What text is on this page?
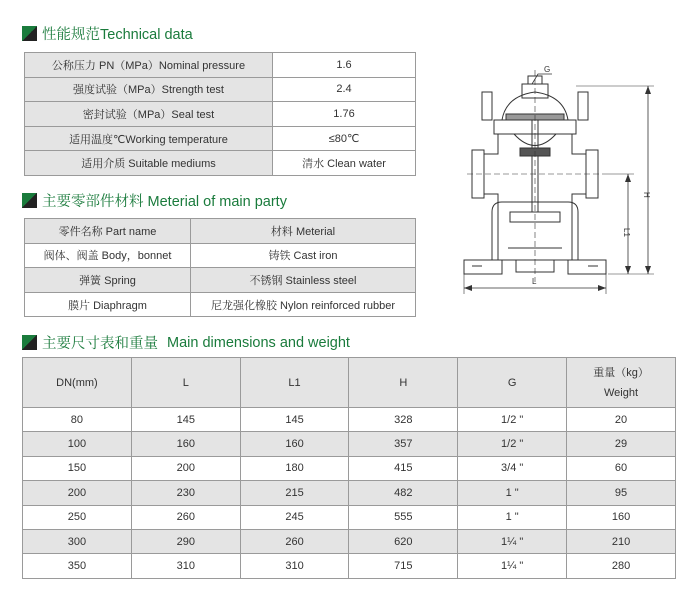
性能规范Technical data
公称压力 PN（MPa）Nominal pressure	1.6
强度试验（MPa）Strength test	2.4
密封试验（MPa）Seal test	1.76
适用温度℃Working temperature	≤80℃
适用介质 Suitable mediums	清水 Clean water
主要零部件材料 Meterial of main party
零件名称 Part name	材料 Meterial
阀体、阀盖 Body，bonnet	铸铁 Cast iron
弹簧 Spring	不锈钢 Stainless steel
膜片 Diaphragm	尼龙强化橡胶 Nylon reinforced rubber
主要尺寸表和重量 Main dimensions and weight
DN(mm)	L	L1	H	G	重量（kg）
Weight

80	145	145	328	1/2 "	20
100	160	160	357	1/2 "	29
150	200	180	415	3/4 "	60
200	230	215	482	1 "	95
250	260	245	555	1 "	160
300	290	260	620	1¼ "	210
350	310	310	715	1¼ "	280
G
H
L1
L
